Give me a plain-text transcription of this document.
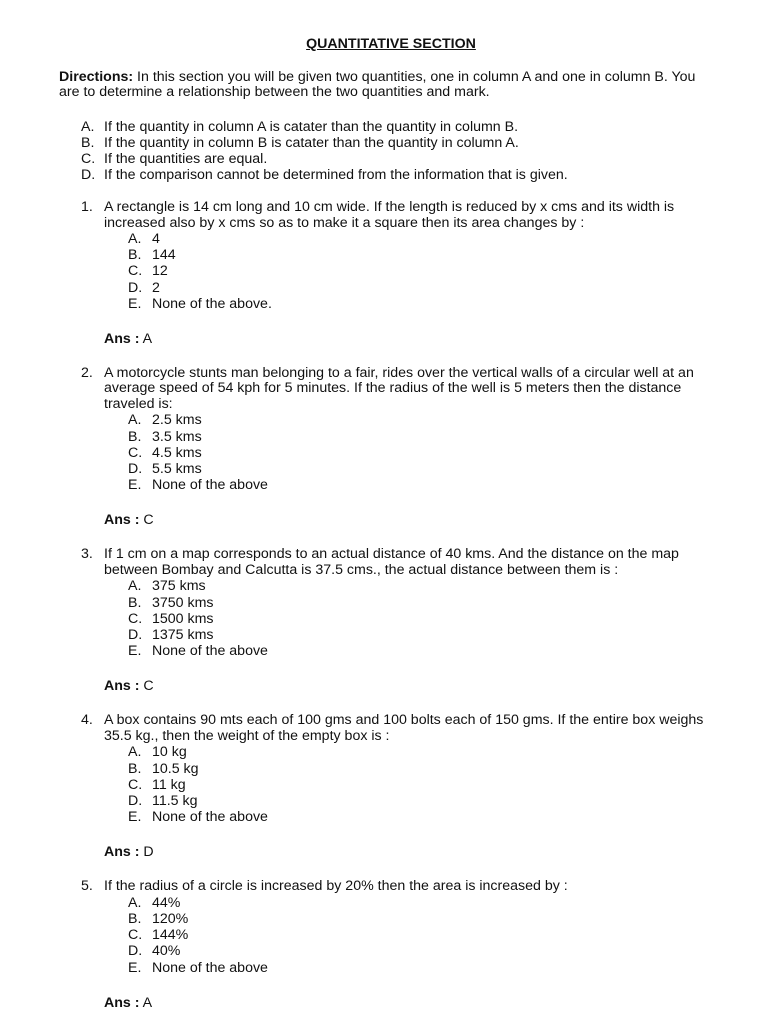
QUANTITATIVE SECTION
Directions: In this section you will be given two quantities, one in column A and one in column B. You are to determine a relationship between the two quantities and mark.
A. If the quantity in column A is catater than the quantity in column B.
B. If the quantity in column B is catater than the quantity in column A.
C. If the quantities are equal.
D. If the comparison cannot be determined from the information that is given.
1. A rectangle is 14 cm long and 10 cm wide. If the length is reduced by x cms and its width is increased also by x cms so as to make it a square then its area changes by :
A. 4
B. 144
C. 12
D. 2
E. None of the above.
Ans : A
2. A motorcycle stunts man belonging to a fair, rides over the vertical walls of a circular well at an average speed of 54 kph for 5 minutes. If the radius of the well is 5 meters then the distance traveled is:
A. 2.5 kms
B. 3.5 kms
C. 4.5 kms
D. 5.5 kms
E. None of the above
Ans : C
3. If 1 cm on a map corresponds to an actual distance of 40 kms. And the distance on the map between Bombay and Calcutta is 37.5 cms., the actual distance between them is :
A. 375 kms
B. 3750 kms
C. 1500 kms
D. 1375 kms
E. None of the above
Ans : C
4. A box contains 90 mts each of 100 gms and 100 bolts each of 150 gms. If the entire box weighs 35.5 kg., then the weight of the empty box is :
A. 10 kg
B. 10.5 kg
C. 11 kg
D. 11.5 kg
E. None of the above
Ans : D
5. If the radius of a circle is increased by 20% then the area is increased by :
A. 44%
B. 120%
C. 144%
D. 40%
E. None of the above
Ans : A
